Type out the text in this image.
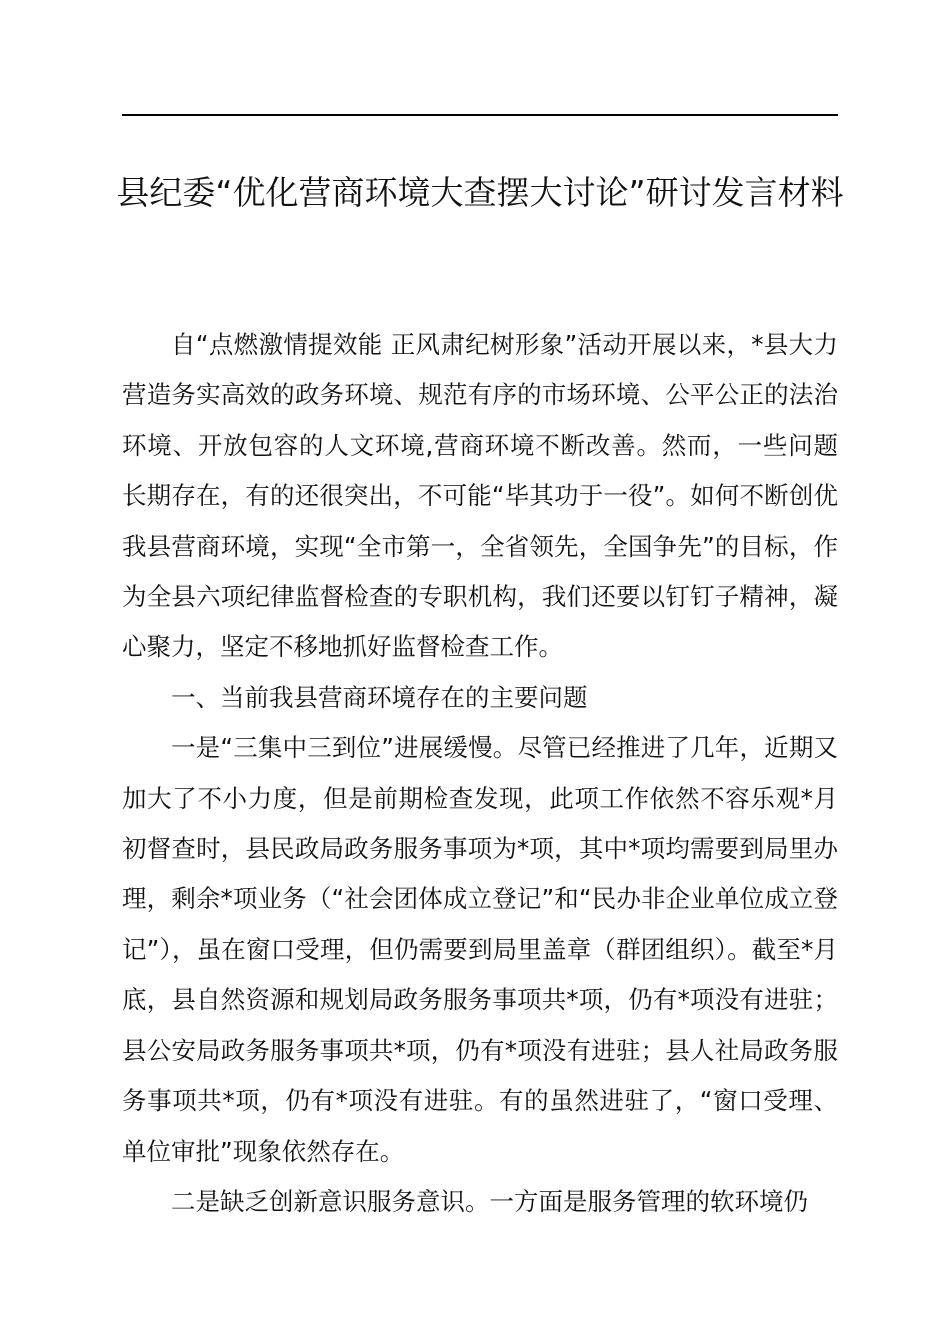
县纪委“优化营商环境大查摆大讨论”研讨发言材料

自“点燃激情提效能 正风肃纪树形象”活动开展以来，*县大力营造务实高效的政务环境、规范有序的市场环境、公平公正的法治环境、开放包容的人文环境,营商环境不断改善。然而，一些问题长期存在，有的还很突出，不可能“毕其功于一役”。如何不断创优我县营商环境，实现“全市第一，全省领先，全国争先”的目标，作为全县六项纪律监督检查的专职机构，我们还要以钉钉子精神，凝心聚力，坚定不移地抓好监督检查工作。

一、当前我县营商环境存在的主要问题

一是“三集中三到位”进展缓慢。尽管已经推进了几年，近期又加大了不小力度，但是前期检查发现，此项工作依然不容乐观*月初督查时，县民政局政务服务事项为*项，其中*项均需要到局里办理，剩余*项业务（“社会团体成立登记”和“民办非企业单位成立登记”），虽在窗口受理，但仍需要到局里盖章（群团组织）。截至*月底，县自然资源和规划局政务服务事项共*项，仍有*项没有进驻；县公安局政务服务事项共*项，仍有*项没有进驻；县人社局政务服务事项共*项，仍有*项没有进驻。有的虽然进驻了，“窗口受理、单位审批”现象依然存在。

二是缺乏创新意识服务意识。一方面是服务管理的软环境仍
